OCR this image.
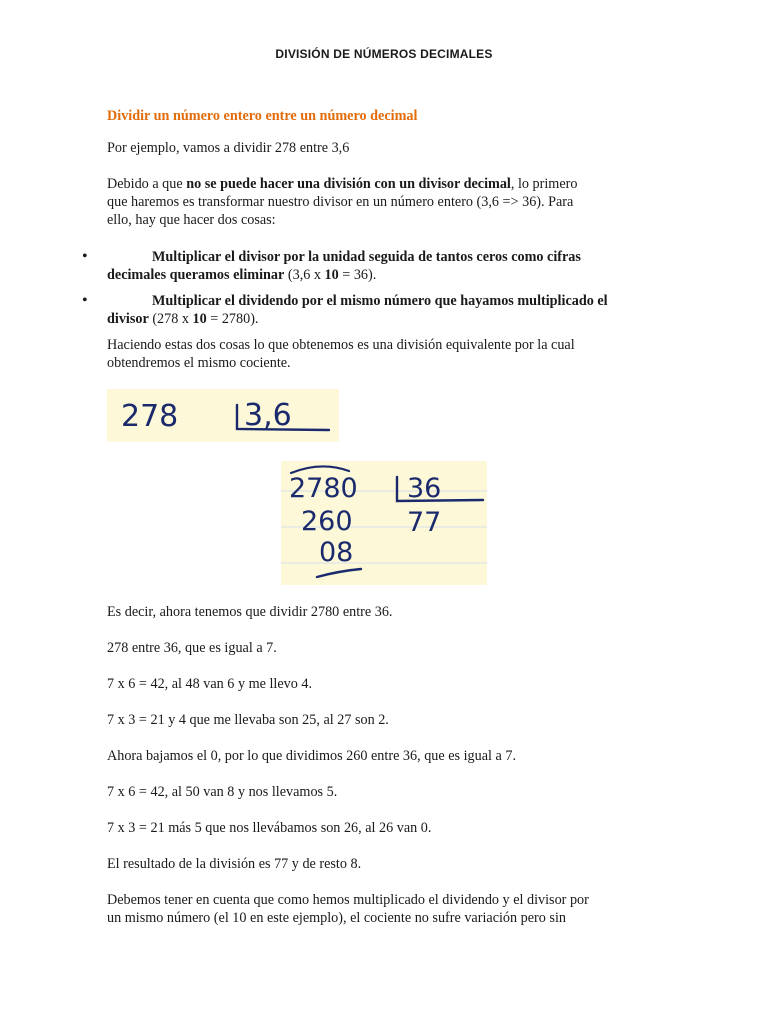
DIVISIÓN DE NÚMEROS DECIMALES
Dividir un número entero entre un número decimal
Por ejemplo, vamos a dividir 278 entre 3,6
Debido a que no se puede hacer una división con un divisor decimal, lo primero
que haremos es transformar nuestro divisor en un número entero (3,6 => 36). Para
ello, hay que hacer dos cosas:
•	Multiplicar el divisor por la unidad seguida de tantos ceros como cifras
decimales queramos eliminar (3,6 x 10 = 36).
•	Multiplicar el dividendo por el mismo número que hayamos multiplicado el
divisor (278 x 10 = 2780).
Haciendo estas dos cosas lo que obtenemos es una división equivalente por la cual
obtendremos el mismo cociente.
278 3,6
2780 36
260 77
08
Es decir, ahora tenemos que dividir 2780 entre 36.
278 entre 36, que es igual a 7.
7 x 6 = 42, al 48 van 6 y me llevo 4.
7 x 3 = 21 y 4 que me llevaba son 25, al 27 son 2.
Ahora bajamos el 0, por lo que dividimos 260 entre 36, que es igual a 7.
7 x 6 = 42, al 50 van 8 y nos llevamos 5.
7 x 3 = 21 más 5 que nos llevábamos son 26, al 26 van 0.
El resultado de la división es 77 y de resto 8.
Debemos tener en cuenta que como hemos multiplicado el dividendo y el divisor por
un mismo número (el 10 en este ejemplo), el cociente no sufre variación pero sin
